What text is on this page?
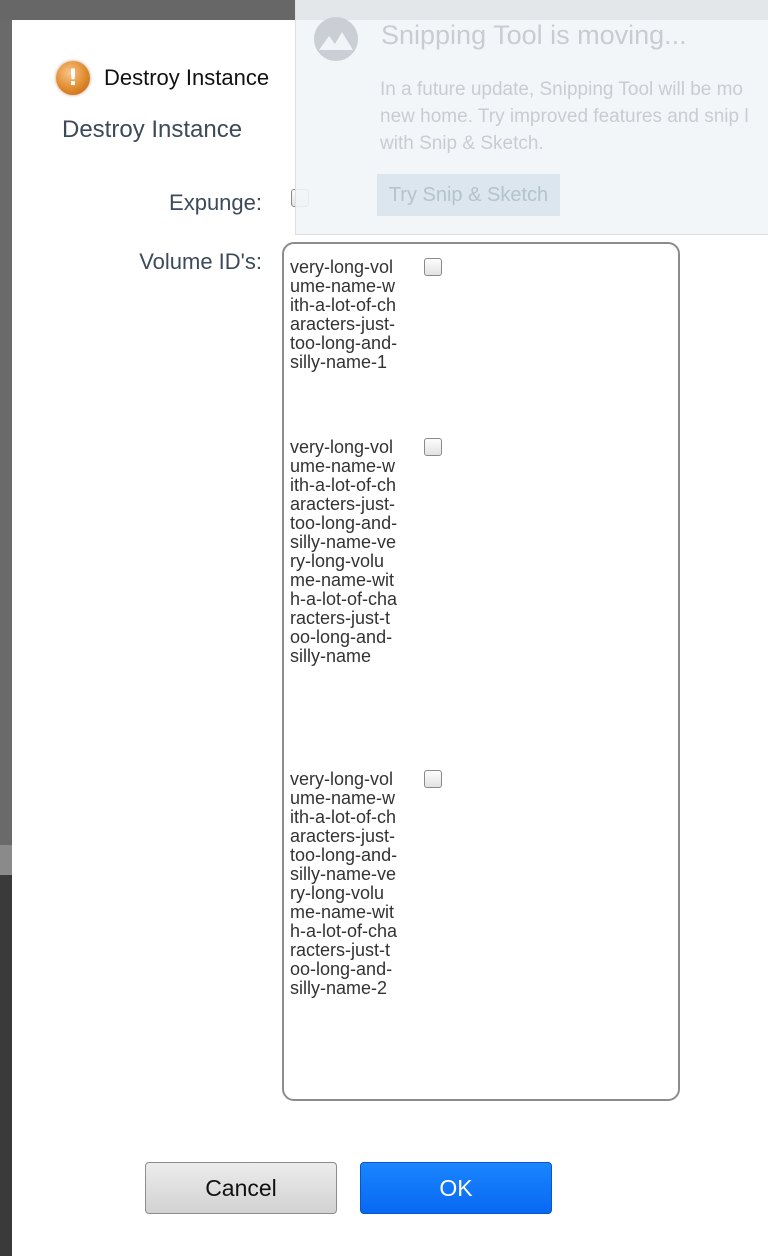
!	Destroy Instance
Destroy Instance
Expunge:
Volume ID's: very-long-volume-name-with-a-lot-of-characters-just-too-long-and-silly-name-1
very-long-volume-name-with-a-lot-of-characters-just-too-long-and-silly-name-very-long-volume-name-with-a-lot-of-characters-just-too-long-and-silly-name
very-long-volume-name-with-a-lot-of-characters-just-too-long-and-silly-name-very-long-volume-name-with-a-lot-of-characters-just-too-long-and-silly-name-2
Cancel	OK
Snipping Tool is moving...
In a future update, Snipping Tool will be mo
new home. Try improved features and snip l
with Snip & Sketch.
Try Snip & Sketch
